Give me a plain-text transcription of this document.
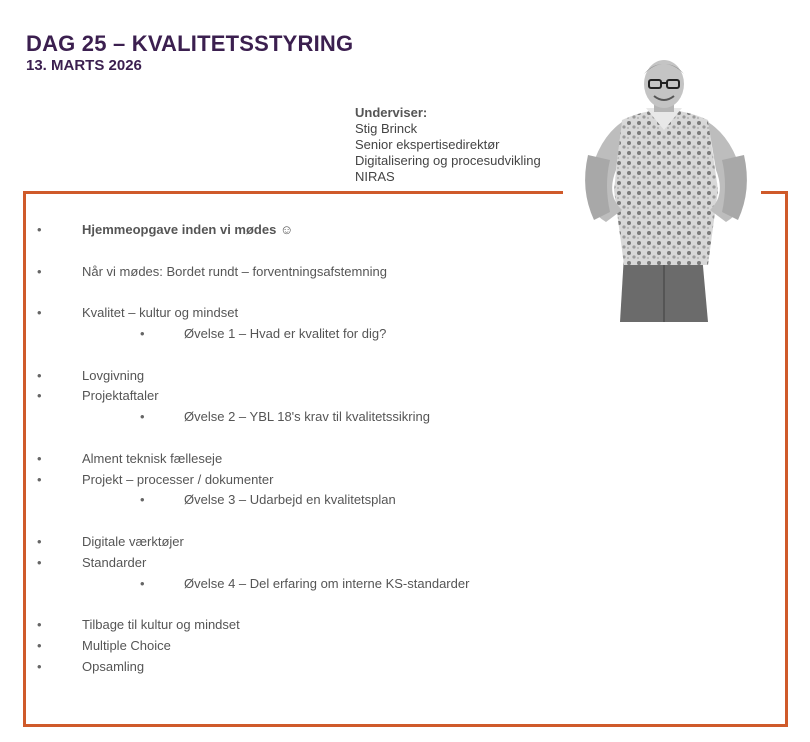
DAG 25 – KVALITETSSTYRING
13. MARTS 2026
Underviser:
Stig Brinck
Senior ekspertisedirektør
Digitalisering og procesudvikling
NIRAS
•	Hjemmeopgave inden vi mødes ☺
•	Når vi mødes: Bordet rundt – forventningsafstemning
•	Kvalitet – kultur og mindset
•	Øvelse 1 – Hvad er kvalitet for dig?
•	Lovgivning
•	Projektaftaler
•	Øvelse 2 – YBL 18's krav til kvalitetssikring
•	Alment teknisk fælleseje
•	Projekt – processer / dokumenter
•	Øvelse 3 – Udarbejd en kvalitetsplan
•	Digitale værktøjer
•	Standarder
•	Øvelse 4 – Del erfaring om interne KS-standarder
•	Tilbage til kultur og mindset
•	Multiple Choice
•	Opsamling
